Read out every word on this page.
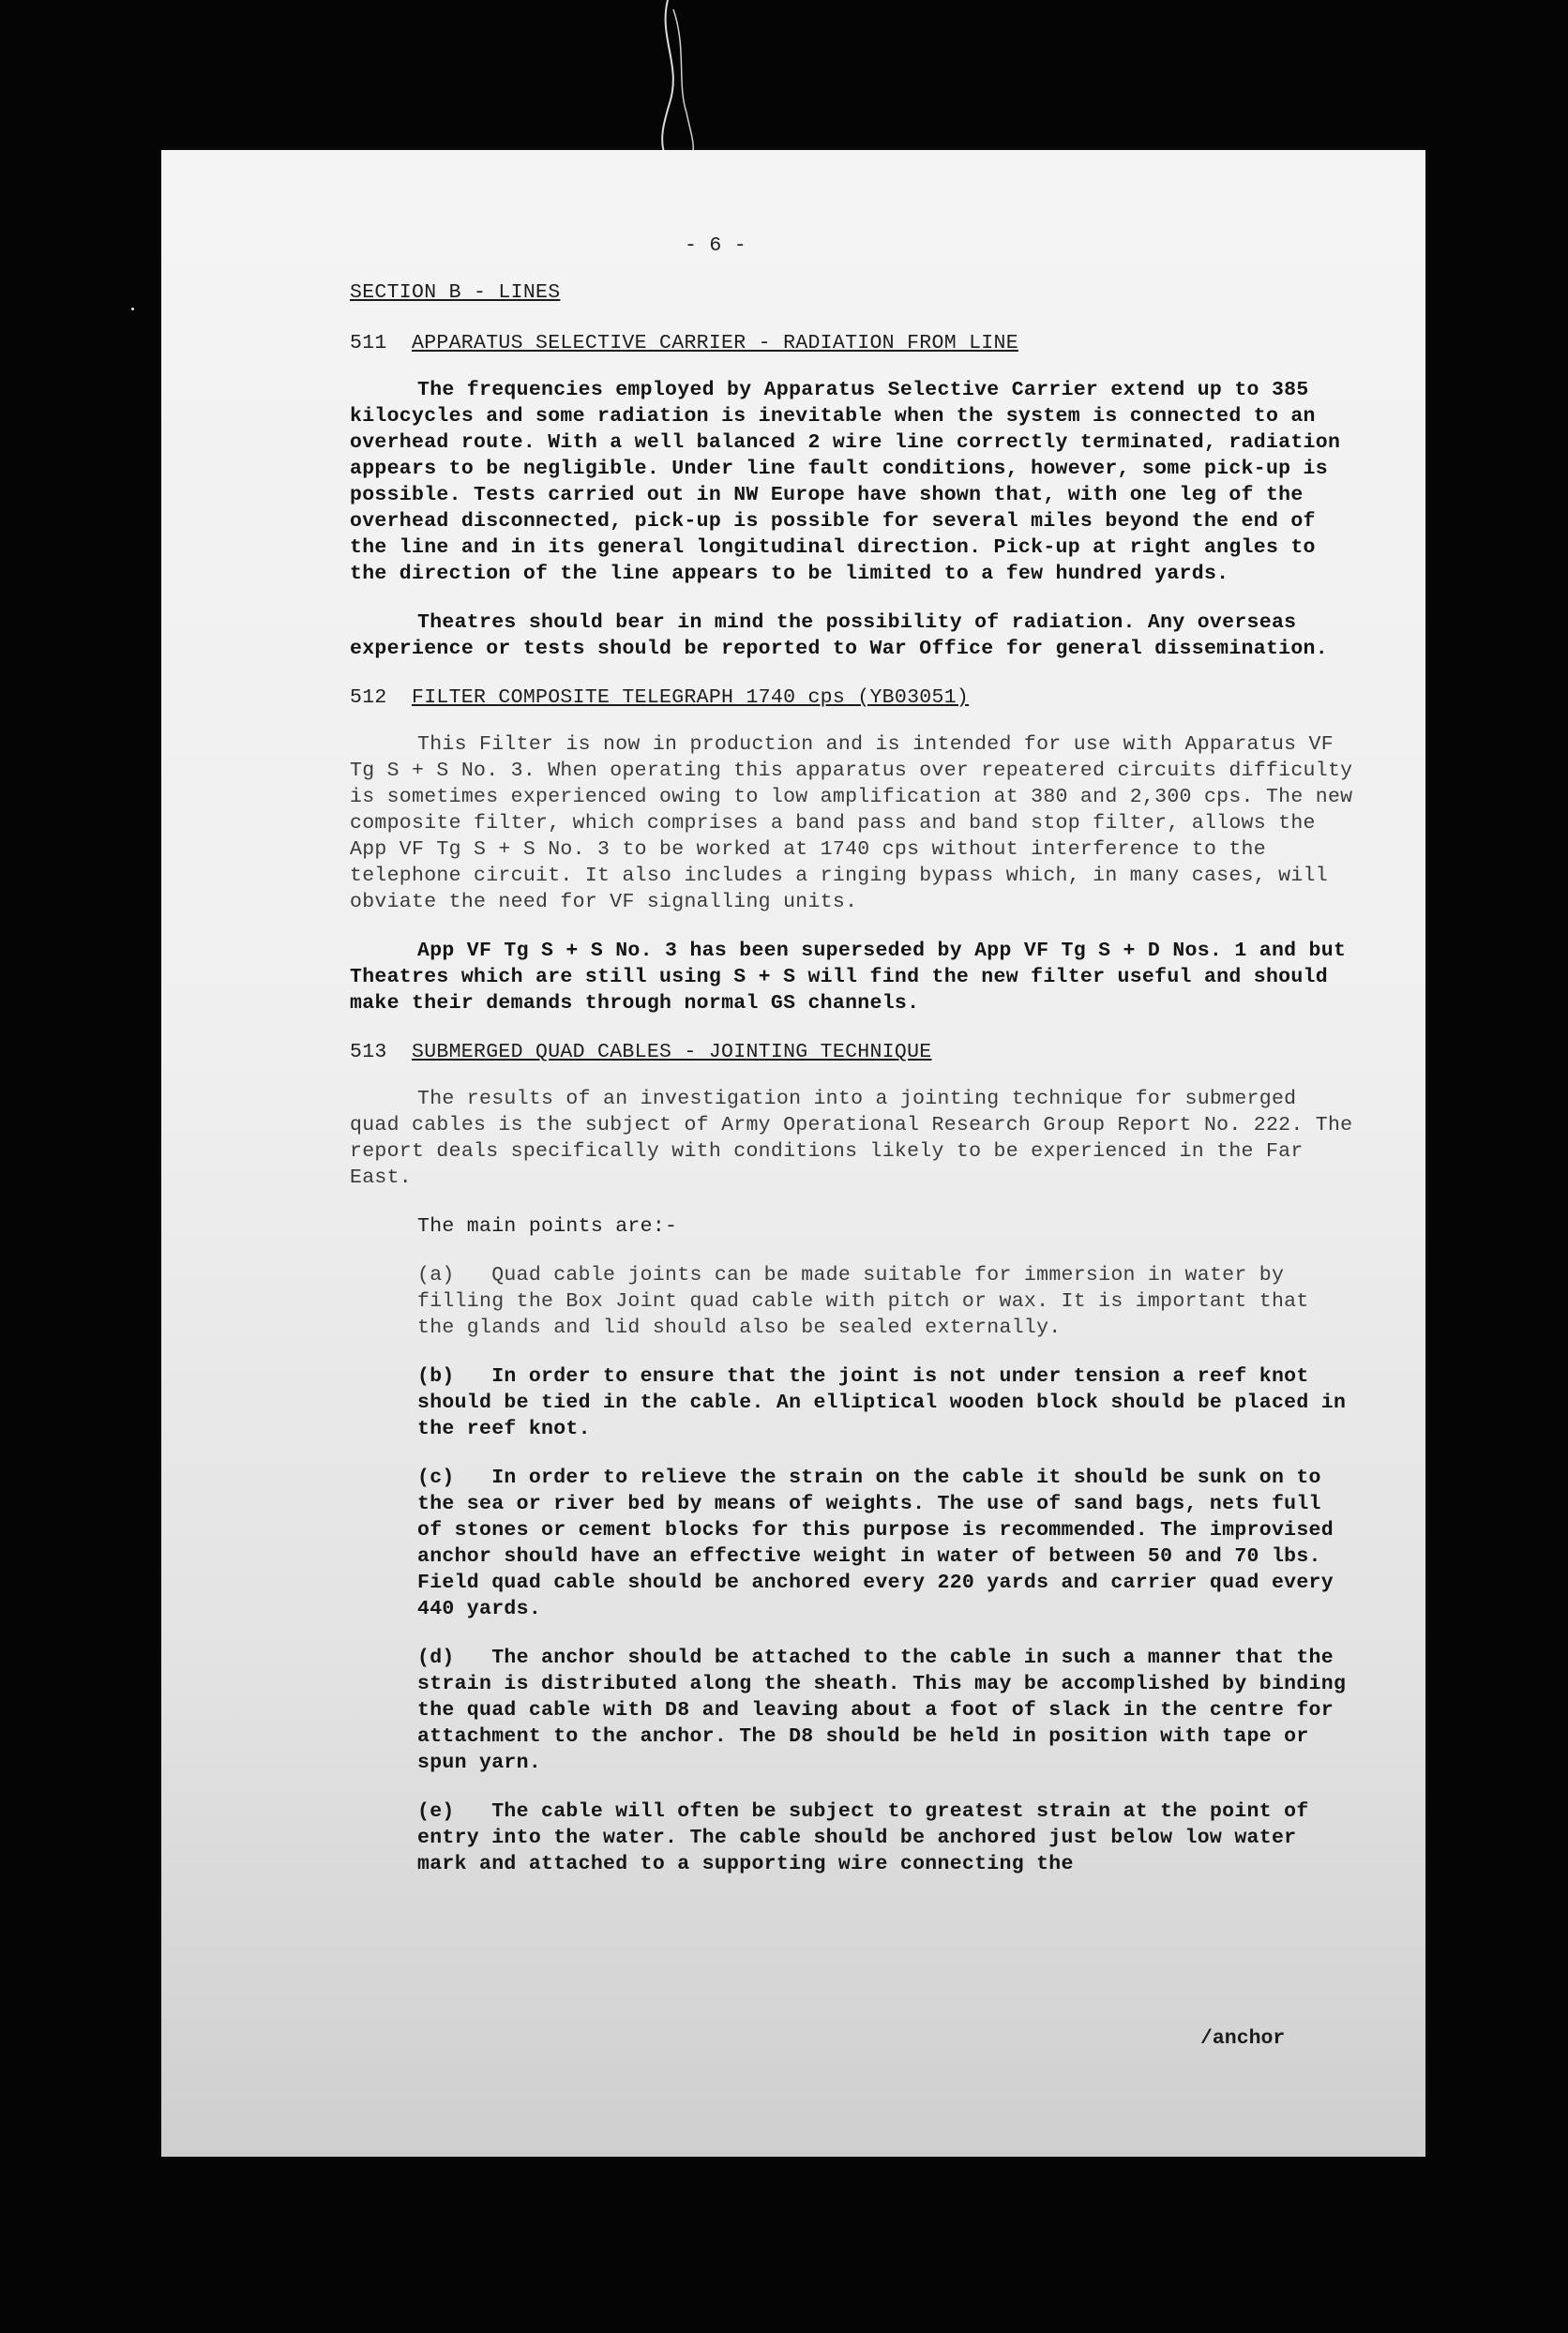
- 6 -
SECTION B - LINES
511 APPARATUS SELECTIVE CARRIER - RADIATION FROM LINE

The frequencies employed by Apparatus Selective Carrier extend up to 385 kilocycles and some radiation is inevitable when the system is connected to an overhead route. With a well balanced 2 wire line correctly terminated, radiation appears to be negligible. Under line fault conditions, however, some pick-up is possible. Tests carried out in NW Europe have shown that, with one leg of the overhead disconnected, pick-up is possible for several miles beyond the end of the line and in its general longitudinal direction. Pick-up at right angles to the direction of the line appears to be limited to a few hundred yards.

Theatres should bear in mind the possibility of radiation. Any overseas experience or tests should be reported to War Office for general dissemination.

512 FILTER COMPOSITE TELEGRAPH 1740 cps (YB03051)

This Filter is now in production and is intended for use with Apparatus VF Tg S + S No. 3. When operating this apparatus over repeatered circuits difficulty is sometimes experienced owing to low amplification at 380 and 2,300 cps. The new composite filter, which comprises a band pass and band stop filter, allows the App VF Tg S + S No. 3 to be worked at 1740 cps without interference to the telephone circuit. It also includes a ringing bypass which, in many cases, will obviate the need for VF signalling units.

App VF Tg S + S No. 3 has been superseded by App VF Tg S + D Nos. 1 and but Theatres which are still using S + S will find the new filter useful and should make their demands through normal GS channels.

513 SUBMERGED QUAD CABLES - JOINTING TECHNIQUE

The results of an investigation into a jointing technique for submerged quad cables is the subject of Army Operational Research Group Report No. 222. The report deals specifically with conditions likely to be experienced in the Far East.

The main points are:-

(a) Quad cable joints can be made suitable for immersion in water by filling the Box Joint quad cable with pitch or wax. It is important that the glands and lid should also be sealed externally.

(b) In order to ensure that the joint is not under tension a reef knot should be tied in the cable. An elliptical wooden block should be placed in the reef knot.

(c) In order to relieve the strain on the cable it should be sunk on to the sea or river bed by means of weights. The use of sand bags, nets full of stones or cement blocks for this purpose is recommended. The improvised anchor should have an effective weight in water of between 50 and 70 lbs. Field quad cable should be anchored every 220 yards and carrier quad every 440 yards.

(d) The anchor should be attached to the cable in such a manner that the strain is distributed along the sheath. This may be accomplished by binding the quad cable with D8 and leaving about a foot of slack in the centre for attachment to the anchor. The D8 should be held in position with tape or spun yarn.

(e) The cable will often be subject to greatest strain at the point of entry into the water. The cable should be anchored just below low water mark and attached to a supporting wire connecting the

/anchor
